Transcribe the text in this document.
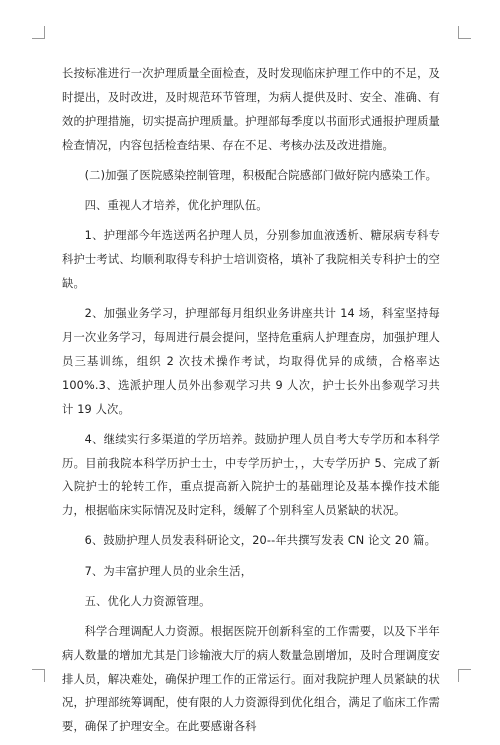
长按标准进行一次护理质量全面检查，及时发现临床护理工作中的不足，及时提出，及时改进，及时规范环节管理，为病人提供及时、安全、准确、有效的护理措施，切实提高护理质量。护理部每季度以书面形式通报护理质量检查情况，内容包括检查结果、存在不足、考核办法及改进措施。

(二)加强了医院感染控制管理，积极配合院感部门做好院内感染工作。

四、重视人才培养，优化护理队伍。

1、护理部今年选送两名护理人员，分别参加血液透析、糖尿病专科专科护士考试、均顺利取得专科护士培训资格，填补了我院相关专科护士的空缺。

2、加强业务学习，护理部每月组织业务讲座共计 14 场，科室坚持每月一次业务学习，每周进行晨会提问，坚持危重病人护理查房，加强护理人员三基训练，组织 2 次技术操作考试，均取得优异的成绩，合格率达 100%.3、选派护理人员外出参观学习共 9 人次，护士长外出参观学习共计 19 人次。

4、继续实行多渠道的学历培养。鼓励护理人员自考大专学历和本科学历。目前我院本科学历护士士，中专学历护士，，大专学历护 5、完成了新入院护士的轮转工作，重点提高新入院护士的基础理论及基本操作技术能力，根据临床实际情况及时定科，缓解了个别科室人员紧缺的状况。

6、鼓励护理人员发表科研论文，20--年共撰写发表 CN 论文 20 篇。

7、为丰富护理人员的业余生活，

五、优化人力资源管理。

科学合理调配人力资源。根据医院开创新科室的工作需要，以及下半年病人数量的增加尤其是门诊输液大厅的病人数量急剧增加，及时合理调度安排人员，解决难处，确保护理工作的正常运行。面对我院护理人员紧缺的状况，护理部统筹调配，使有限的人力资源得到优化组合，满足了临床工作需要，确保了护理安全。在此要感谢各科
